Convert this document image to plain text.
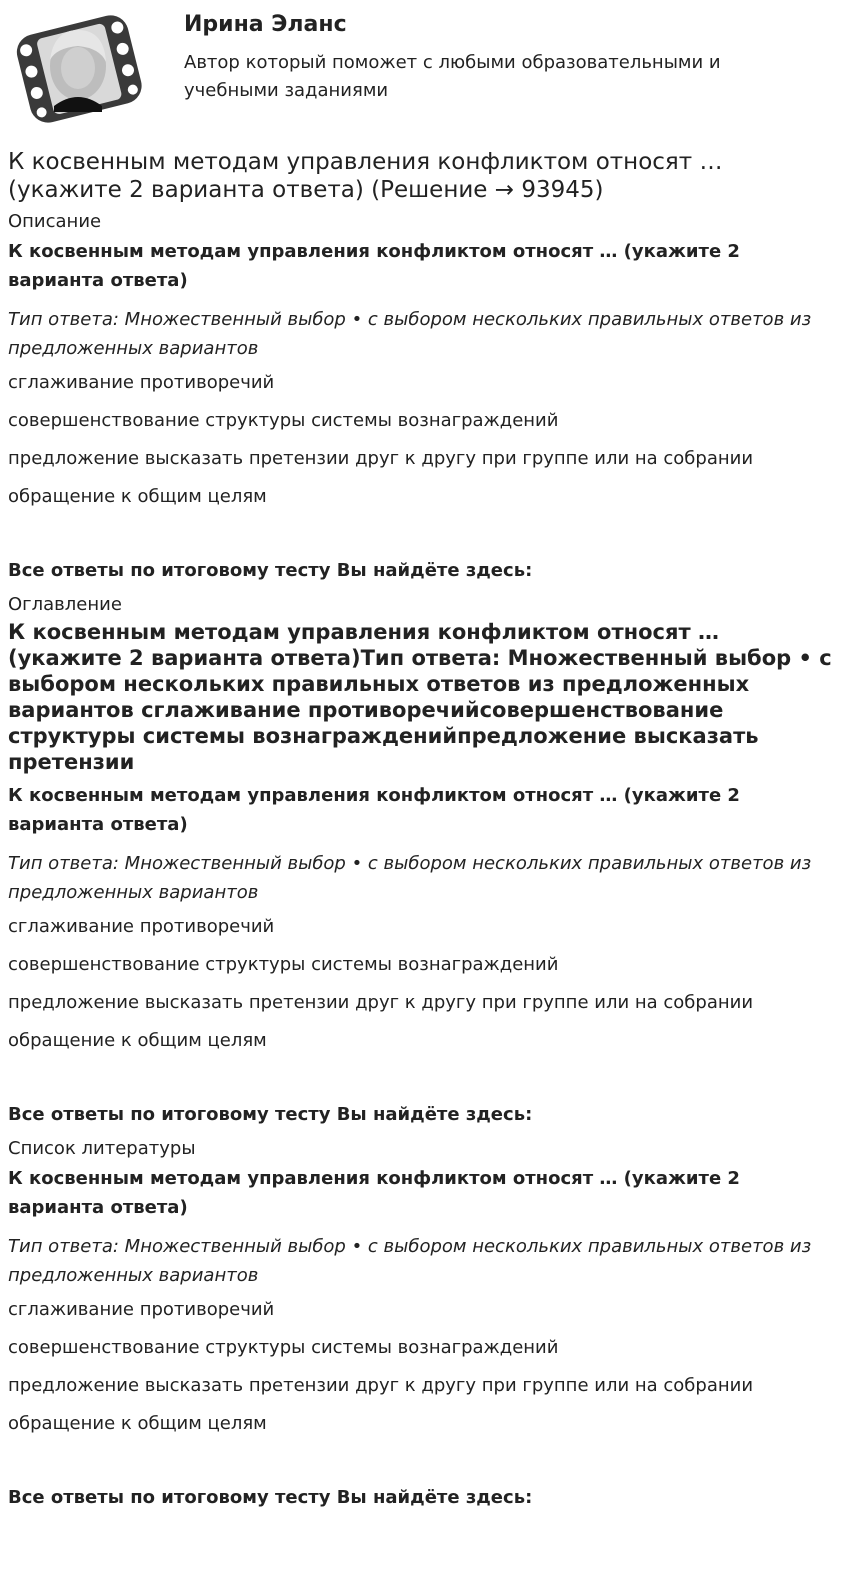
Ирина Эланс

Автор который поможет с любыми образовательными и учебными заданиями

К косвенным методам управления конфликтом относят … (укажите 2 варианта ответа) (Решение → 93945)
Описание
К косвенным методам управления конфликтом относят … (укажите 2 варианта ответа)
Тип ответа: Множественный выбор • с выбором нескольких правильных ответов из предложенных вариантов
сглаживание противоречий
совершенствование структуры системы вознаграждений
предложение высказать претензии друг к другу при группе или на собрании
обращение к общим целям
Все ответы по итоговому тесту Вы найдёте здесь:
Оглавление
К косвенным методам управления конфликтом относят … (укажите 2 варианта ответа)Тип ответа: Множественный выбор • с выбором нескольких правильных ответов из предложенных вариантов сглаживание противоречийсовершенствование структуры системы вознагражденийпредложение высказать претензии
К косвенным методам управления конфликтом относят … (укажите 2 варианта ответа)
Тип ответа: Множественный выбор • с выбором нескольких правильных ответов из предложенных вариантов
сглаживание противоречий
совершенствование структуры системы вознаграждений
предложение высказать претензии друг к другу при группе или на собрании
обращение к общим целям
Все ответы по итоговому тесту Вы найдёте здесь:
Список литературы
К косвенным методам управления конфликтом относят … (укажите 2 варианта ответа)
Тип ответа: Множественный выбор • с выбором нескольких правильных ответов из предложенных вариантов
сглаживание противоречий
совершенствование структуры системы вознаграждений
предложение высказать претензии друг к другу при группе или на собрании
обращение к общим целям
Все ответы по итоговому тесту Вы найдёте здесь:
